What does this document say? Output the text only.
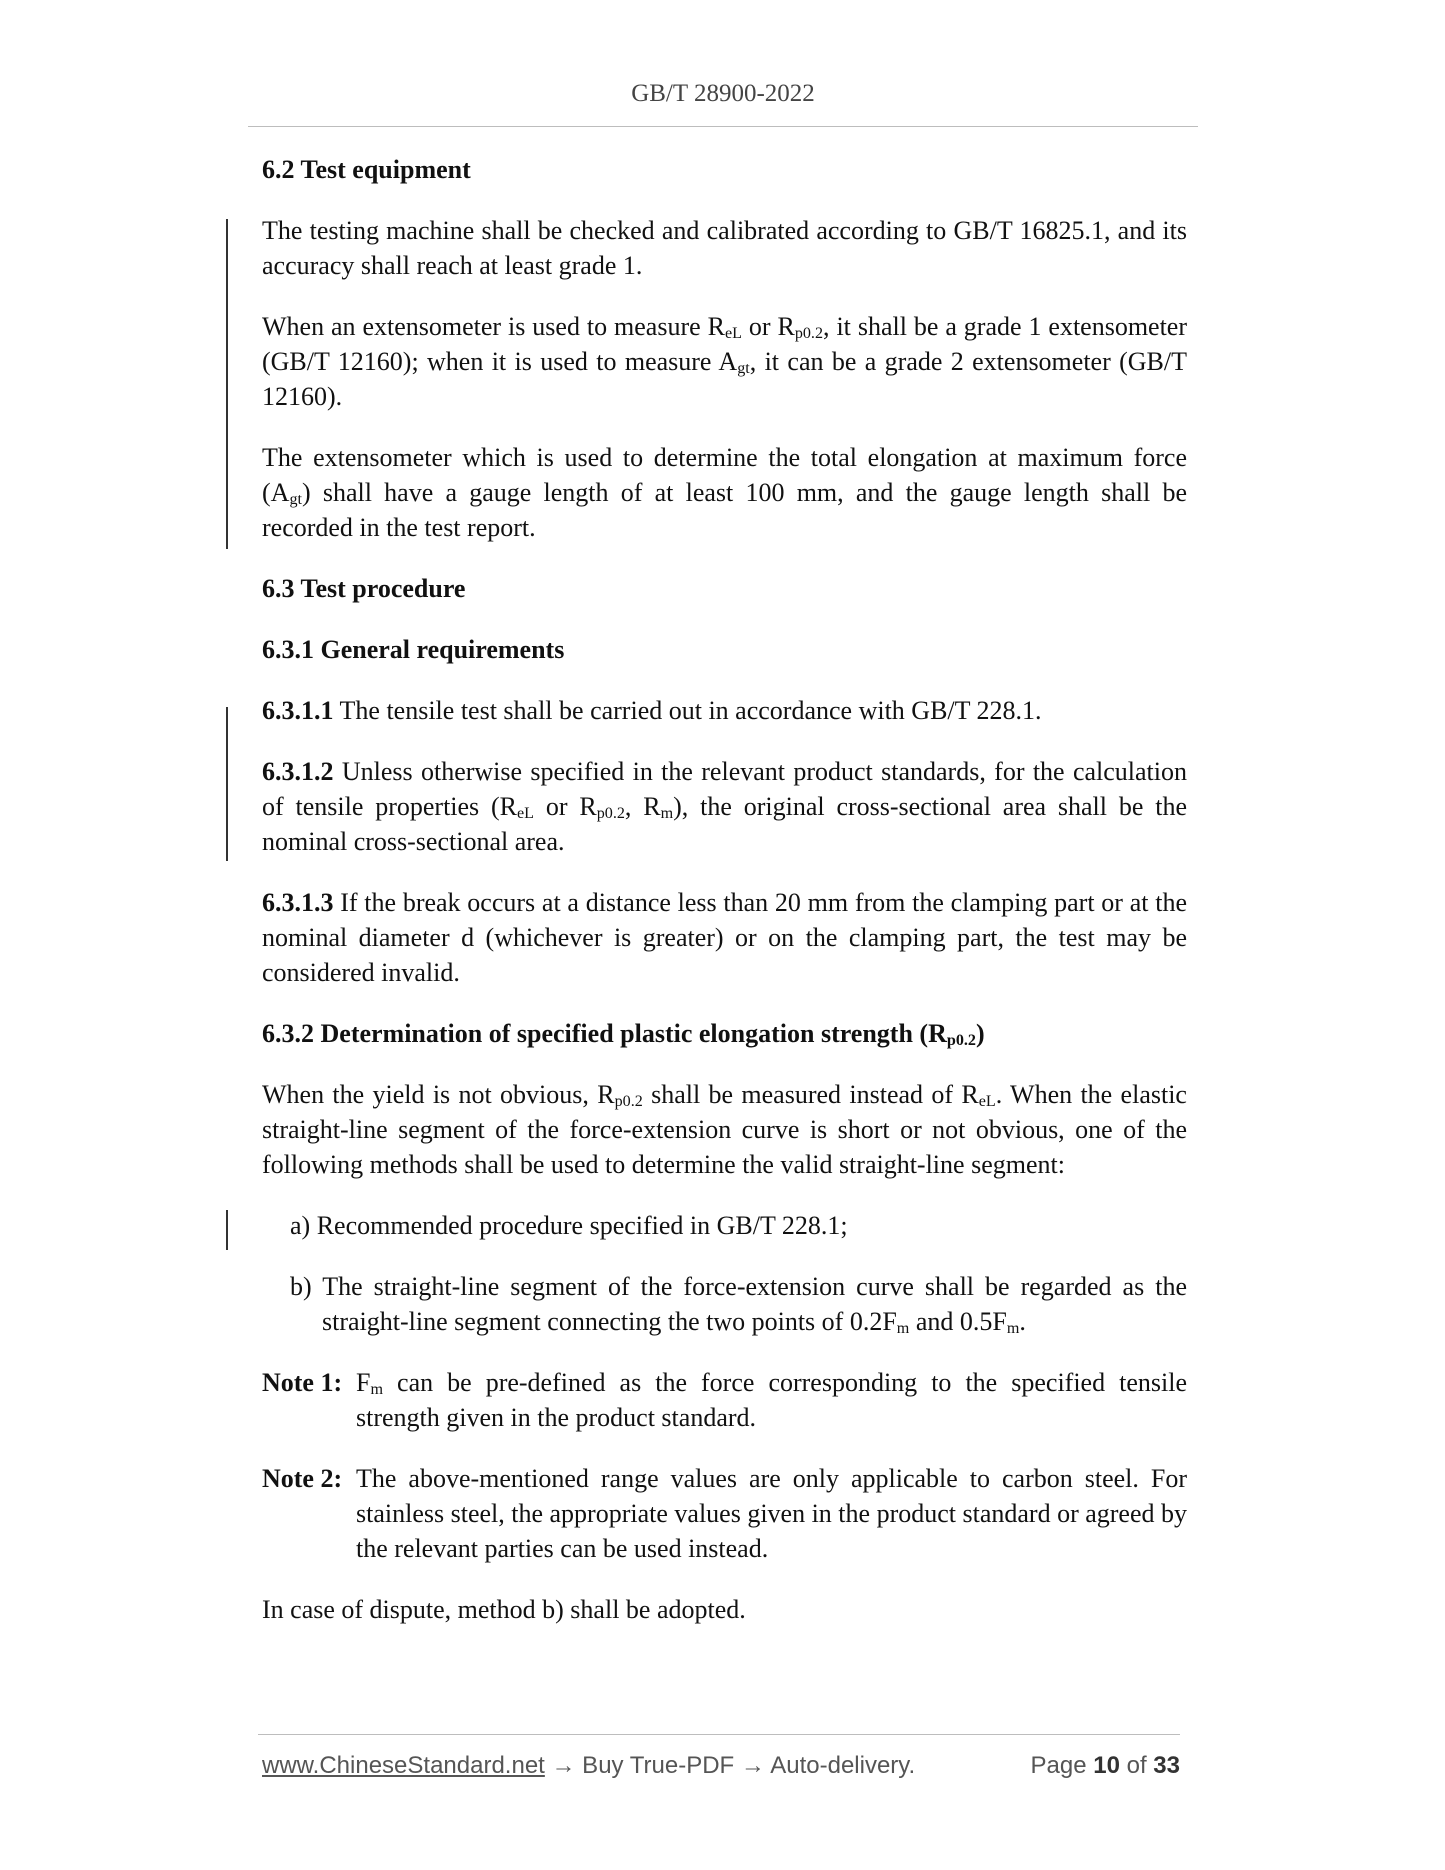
GB/T 28900-2022
6.2 Test equipment

The testing machine shall be checked and calibrated according to GB/T 16825.1, and its accuracy shall reach at least grade 1.

When an extensometer is used to measure $R_{eL}$ or $R_{p0.2}$, it shall be a grade 1 extensometer (GB/T 12160); when it is used to measure $A_{gt}$, it can be a grade 2 extensometer (GB/T 12160).

The extensometer which is used to determine the total elongation at maximum force $(A_{gt})$ shall have a gauge length of at least 100 mm, and the gauge length shall be recorded in the test report.

6.3 Test procedure
6.3.1 General requirements

6.3.1.1 The tensile test shall be carried out in accordance with GB/T 228.1.

6.3.1.2 Unless otherwise specified in the relevant product standards, for the calculation of tensile properties ($R_{eL}$ or $R_{p0.2}$, $R_m$), the original cross-sectional area shall be the nominal cross-sectional area.

6.3.1.3 If the break occurs at a distance less than 20 mm from the clamping part or at the nominal diameter d (whichever is greater) or on the clamping part, the test may be considered invalid.

6.3.2 Determination of specified plastic elongation strength $(R_{p0.2})$

When the yield is not obvious, $R_{p0.2}$ shall be measured instead of $R_{eL}$. When the elastic straight-line segment of the force-extension curve is short or not obvious, one of the following methods shall be used to determine the valid straight-line segment:

a) Recommended procedure specified in GB/T 228.1;

b) The straight-line segment of the force-extension curve shall be regarded as the straight-line segment connecting the two points of $0.2F_m$ and $0.5F_m$.

Note 1: $F_m$ can be pre-defined as the force corresponding to the specified tensile strength given in the product standard.
Note 2: The above-mentioned range values are only applicable to carbon steel. For stainless steel, the appropriate values given in the product standard or agreed by the relevant parties can be used instead.

In case of dispute, method b) shall be adopted.

www.ChineseStandard.net → Buy True-PDF → Auto-delivery.	Page 10 of 33
